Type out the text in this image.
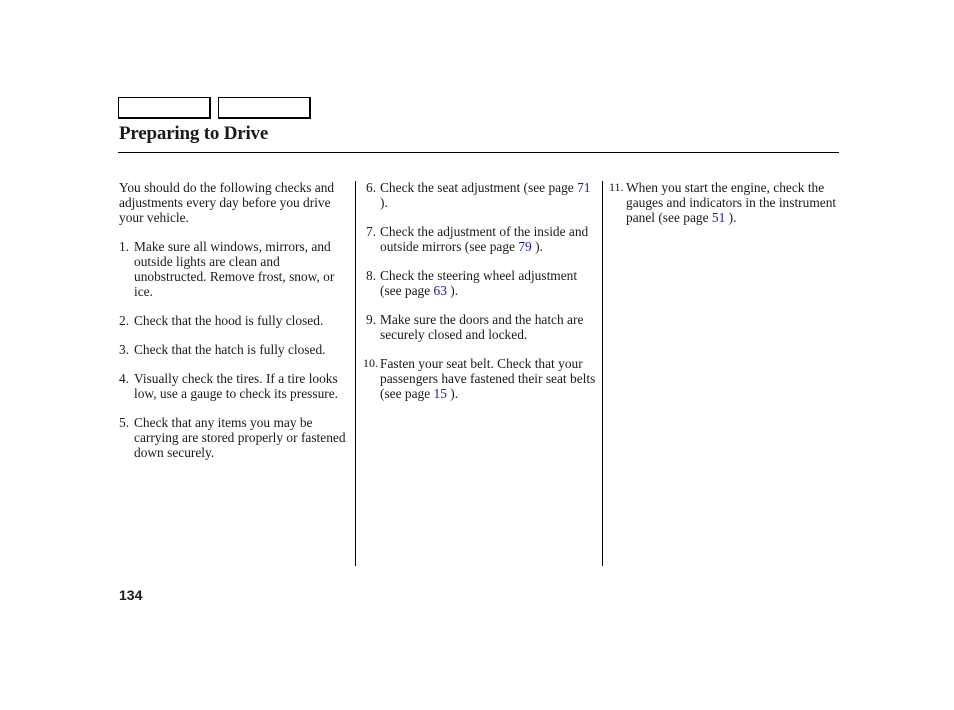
Preparing to Drive

You should do the following checks and adjustments every day before you drive your vehicle.

1. Make sure all windows, mirrors, and outside lights are clean and unobstructed. Remove frost, snow, or ice.
2. Check that the hood is fully closed.
3. Check that the hatch is fully closed.
4. Visually check the tires. If a tire looks low, use a gauge to check its pressure.
5. Check that any items you may be carrying are stored properly or fastened down securely.
6. Check the seat adjustment (see page 71 ).
7. Check the adjustment of the inside and outside mirrors (see page 79 ).
8. Check the steering wheel adjustment (see page 63 ).
9. Make sure the doors and the hatch are securely closed and locked.
10. Fasten your seat belt. Check that your passengers have fastened their seat belts (see page 15 ).
11. When you start the engine, check the gauges and indicators in the instrument panel (see page 51 ).
134
